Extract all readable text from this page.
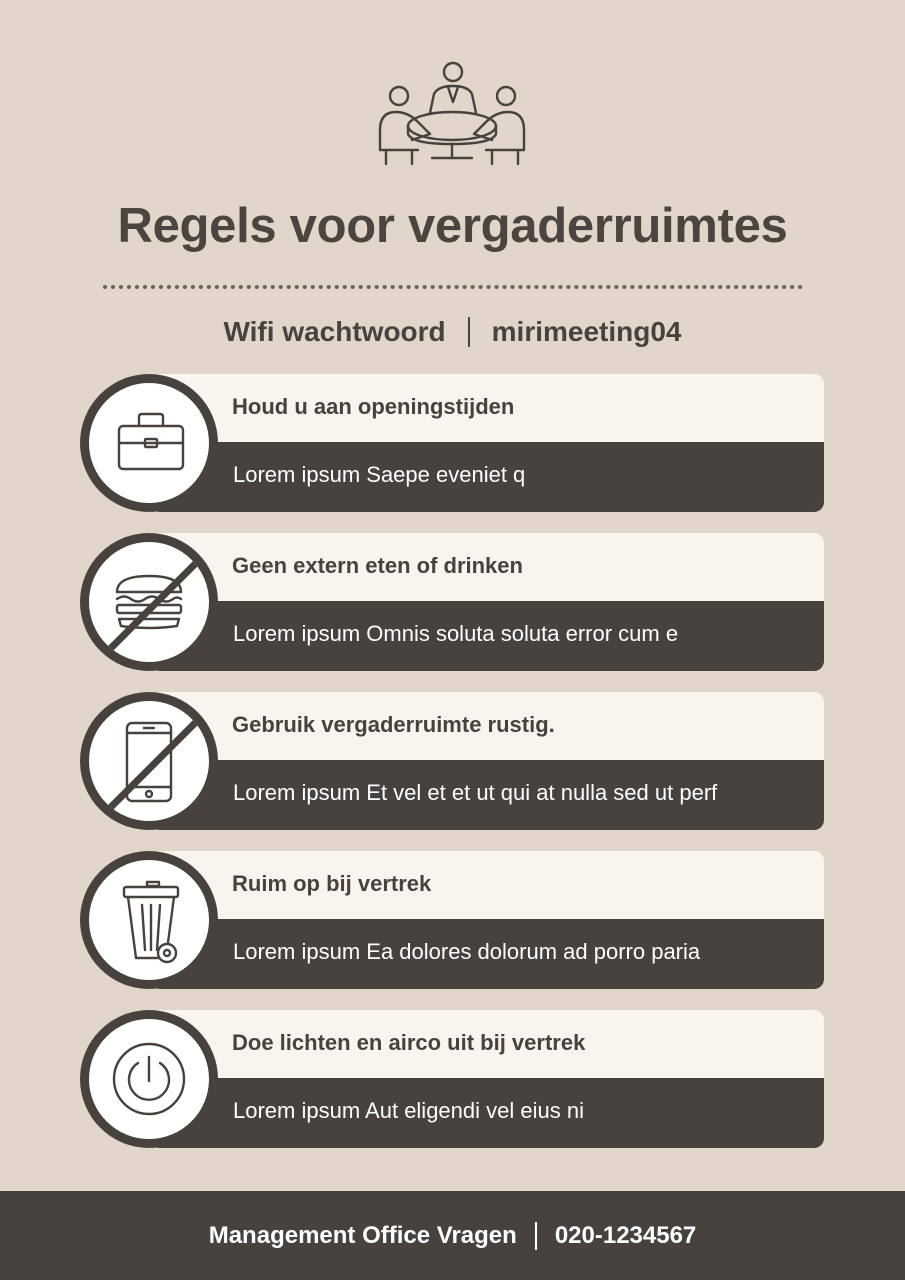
Regels voor vergaderruimtes
Wifi wachtwoord mirimeeting04
Houd u aan openingstijden
Lorem ipsum Saepe eveniet q
Geen extern eten of drinken
Lorem ipsum Omnis soluta soluta error cum e
Gebruik vergaderruimte rustig.
Lorem ipsum Et vel et et ut qui at nulla sed ut perf
Ruim op bij vertrek
Lorem ipsum Ea dolores dolorum ad porro paria
Doe lichten en airco uit bij vertrek
Lorem ipsum Aut eligendi vel eius ni
Management Office Vragen 020-1234567
